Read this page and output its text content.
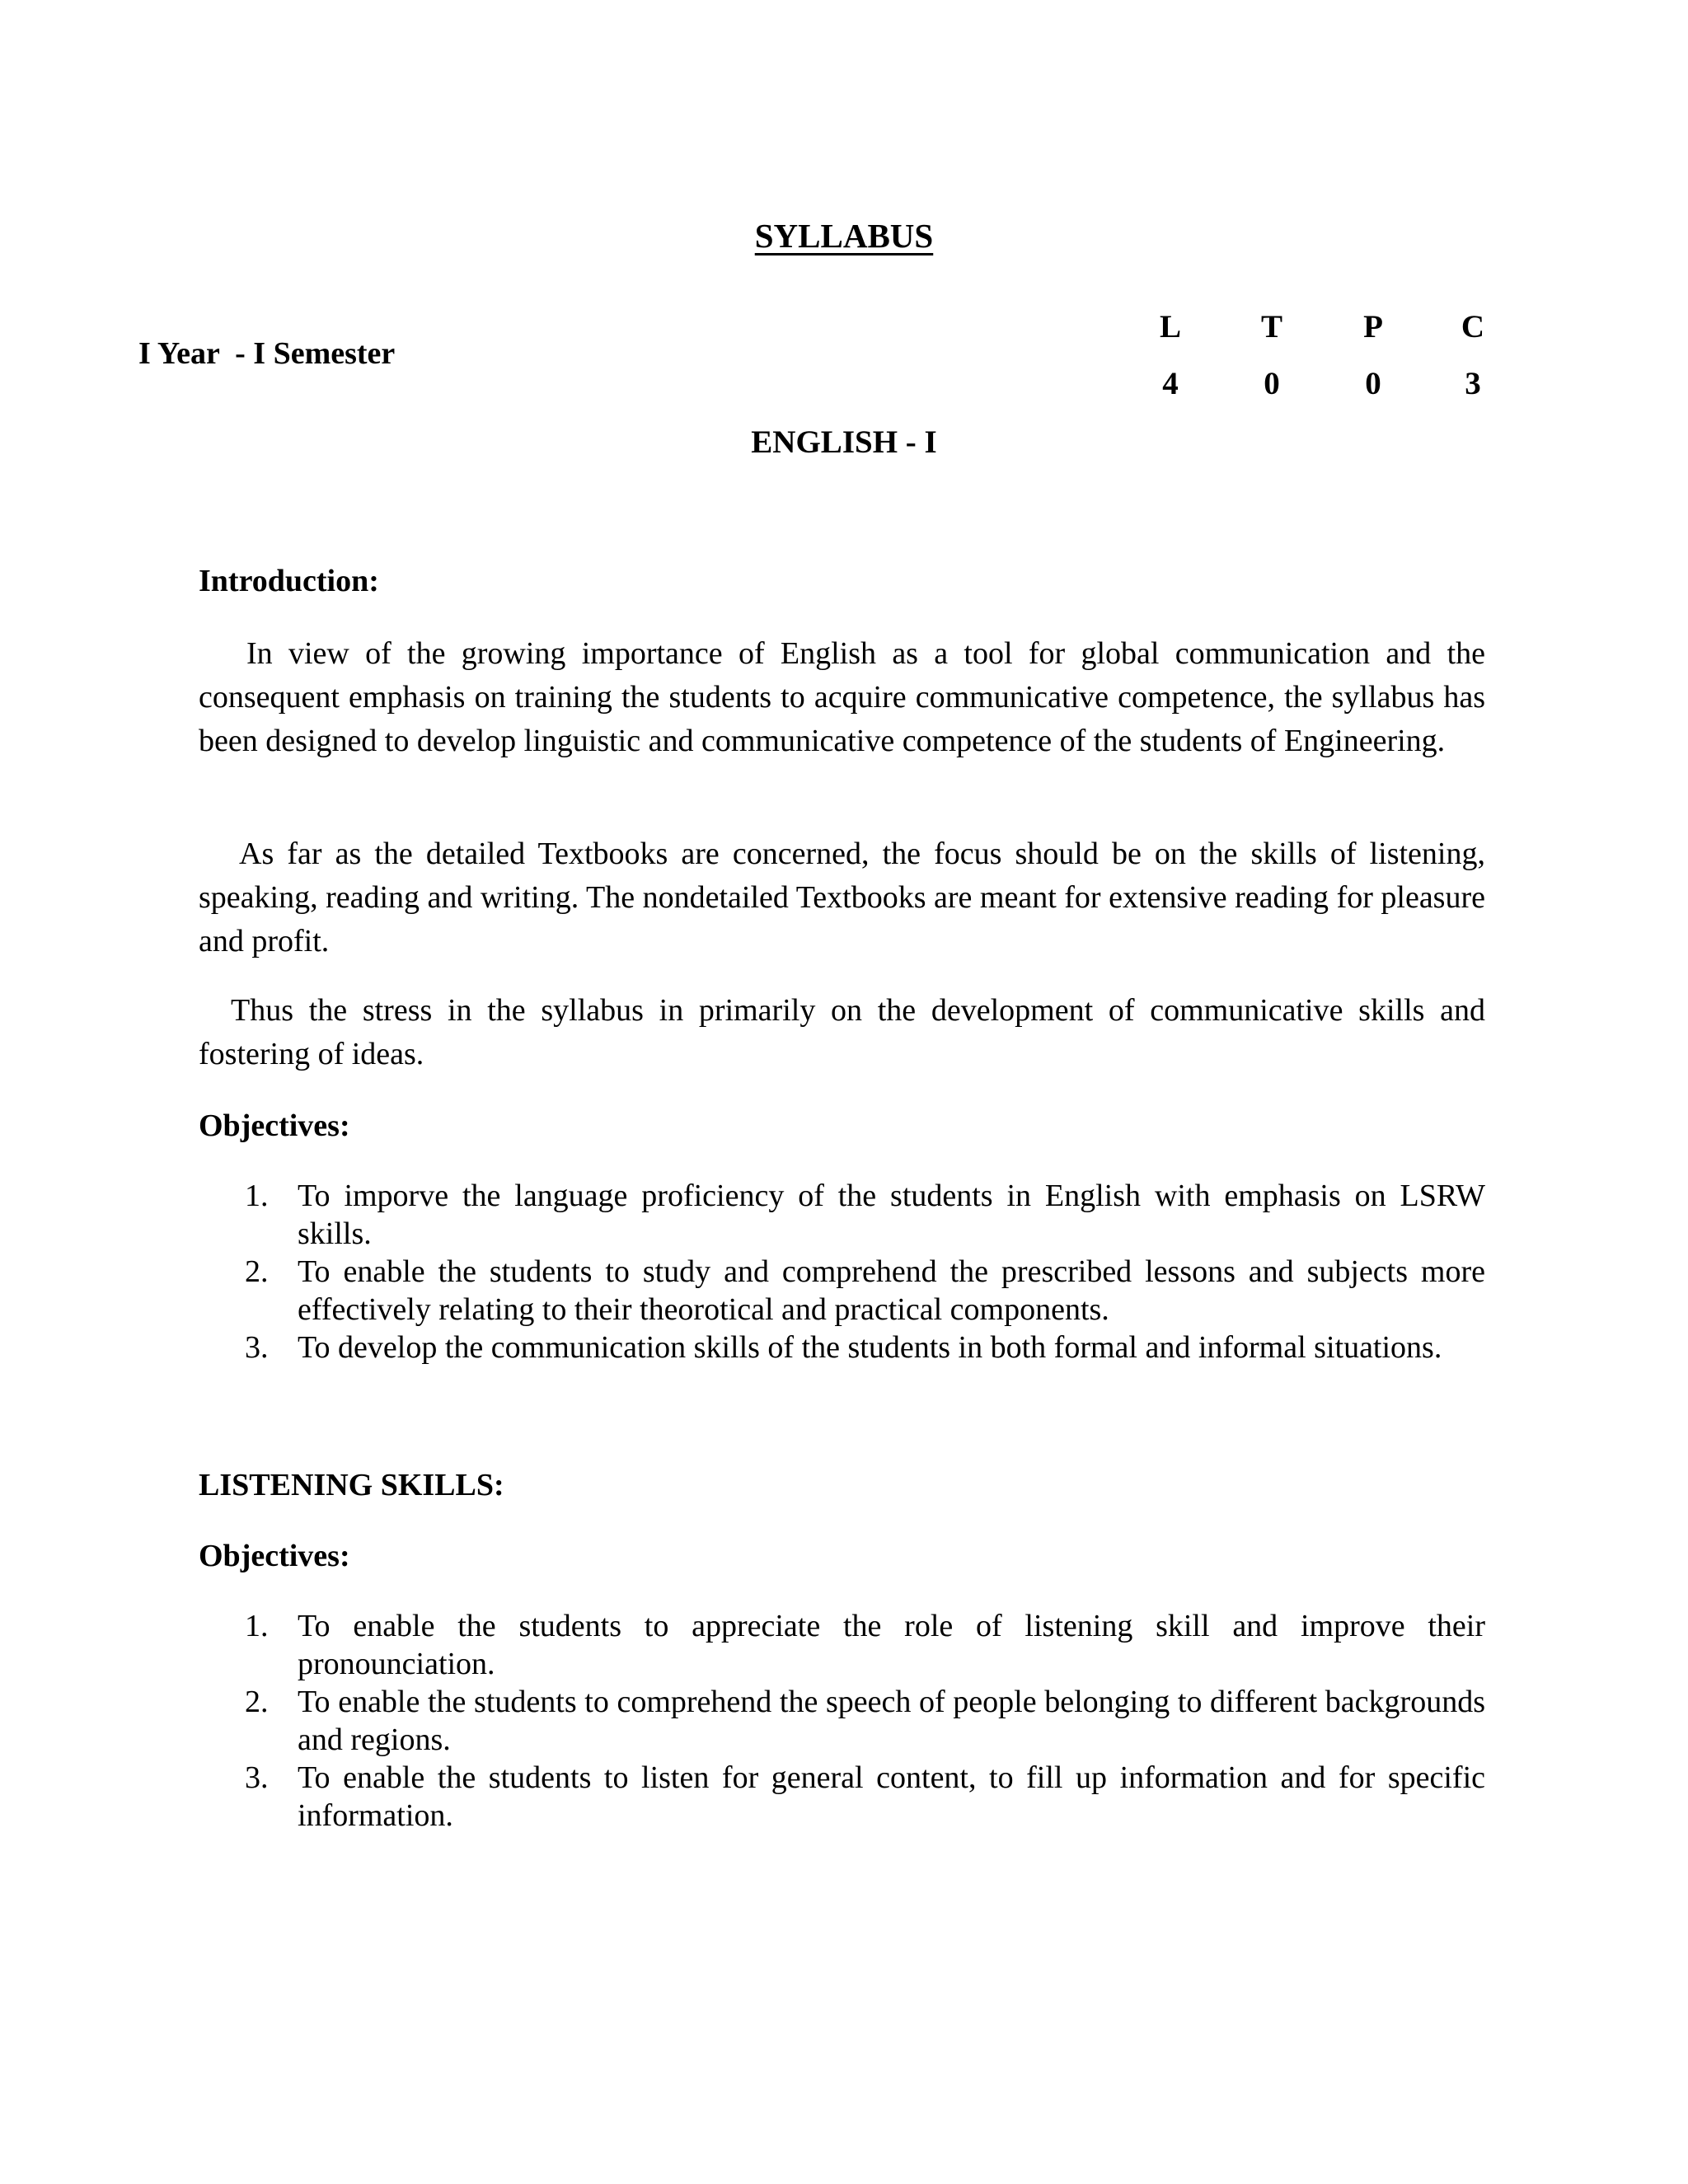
SYLLABUS
I Year  - I Semester
L	T	P	C
4	0	0	3
ENGLISH - I
Introduction:

In view of the growing importance of English as a tool for global communication and the consequent emphasis on training the students to acquire communicative competence, the syllabus has been designed to develop linguistic and communicative competence of the students of Engineering.

As far as the detailed Textbooks are concerned, the focus should be on the skills of listening, speaking, reading and writing. The nondetailed Textbooks are meant for extensive reading for pleasure and profit.

Thus the stress in the syllabus in primarily on the development of communicative skills and fostering of ideas.

Objectives:
1. To imporve the language proficiency of the students in English with emphasis on LSRW skills.
2. To enable the students to study and comprehend the prescribed lessons and subjects more effectively relating to their theorotical and practical components.
3. To develop the communication skills of the students in both formal and informal situations.
LISTENING SKILLS:
Objectives:
1. To enable the students to appreciate the role of listening skill and improve their pronounciation.
2. To enable the students to comprehend the speech of people belonging to different backgrounds and regions.
3. To enable the students to listen for general content, to fill up information and for specific information.
